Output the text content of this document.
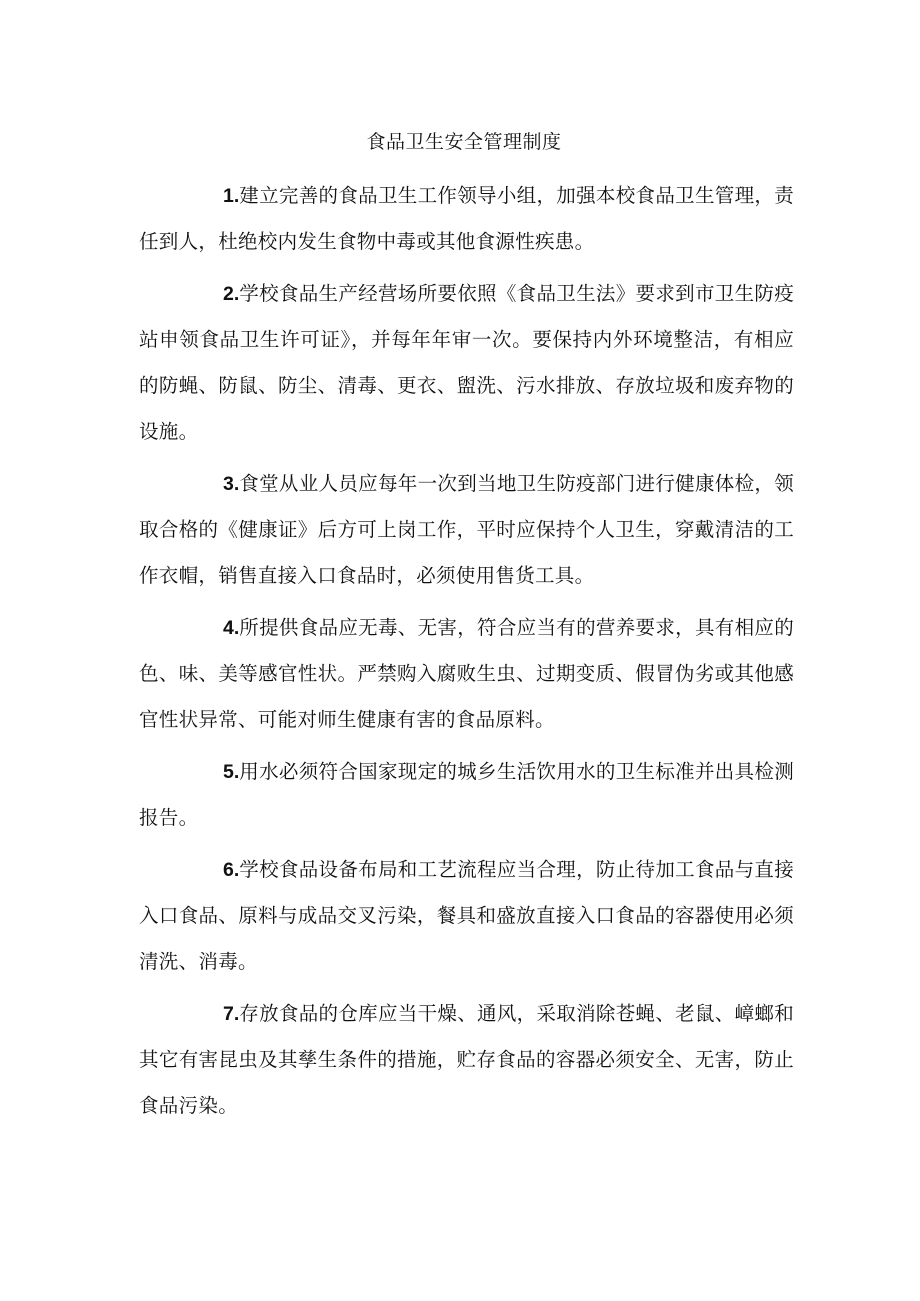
食品卫生安全管理制度

1.建立完善的食品卫生工作领导小组，加强本校食品卫生管理，责任到人，杜绝校内发生食物中毒或其他食源性疾患。

2.学校食品生产经营场所要依照《食品卫生法》要求到市卫生防疫站申领食品卫生许可证》，并每年年审一次。要保持内外环境整洁，有相应的防蝇、防鼠、防尘、清毒、更衣、盥洗、污水排放、存放垃圾和废弃物的设施。

3.食堂从业人员应每年一次到当地卫生防疫部门进行健康体检，领取合格的《健康证》后方可上岗工作，平时应保持个人卫生，穿戴清洁的工作衣帽，销售直接入口食品时，必须使用售货工具。

4.所提供食品应无毒、无害，符合应当有的营养要求，具有相应的色、味、美等感官性状。严禁购入腐败生虫、过期变质、假冒伪劣或其他感官性状异常、可能对师生健康有害的食品原料。

5.用水必须符合国家现定的城乡生活饮用水的卫生标准并出具检测报告。

6.学校食品设备布局和工艺流程应当合理，防止待加工食品与直接入口食品、原料与成品交叉污染，餐具和盛放直接入口食品的容器使用必须清洗、消毒。

7.存放食品的仓库应当干燥、通风，采取消除苍蝇、老鼠、嶂螂和其它有害昆虫及其孳生条件的措施，贮存食品的容器必须安全、无害，防止食品污染。
